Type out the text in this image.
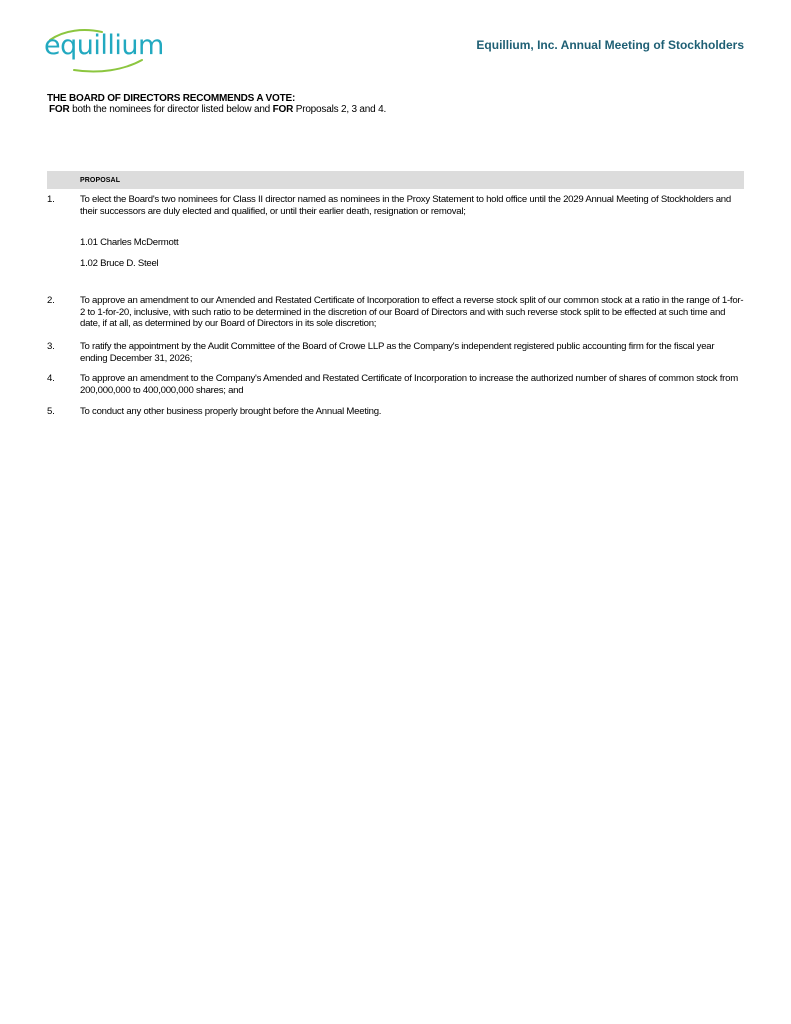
equillium	Equillium, Inc. Annual Meeting of Stockholders
THE BOARD OF DIRECTORS RECOMMENDS A VOTE:
FOR both the nominees for director listed below and FOR Proposals 2, 3 and 4.
PROPOSAL
1.	To elect the Board's two nominees for Class II director named as nominees in the Proxy Statement to hold office until the 2029 Annual Meeting of Stockholders and their successors are duly elected and qualified, or until their earlier death, resignation or removal;
1.01 Charles McDermott
1.02 Bruce D. Steel
2.	To approve an amendment to our Amended and Restated Certificate of Incorporation to effect a reverse stock split of our common stock at a ratio in the range of 1-for-2 to 1-for-20, inclusive, with such ratio to be determined in the discretion of our Board of Directors and with such reverse stock split to be effected at such time and date, if at all, as determined by our Board of Directors in its sole discretion;
3.	To ratify the appointment by the Audit Committee of the Board of Crowe LLP as the Company's independent registered public accounting firm for the fiscal year ending December 31, 2026;
4.	To approve an amendment to the Company's Amended and Restated Certificate of Incorporation to increase the authorized number of shares of common stock from 200,000,000 to 400,000,000 shares; and
5.	To conduct any other business properly brought before the Annual Meeting.
